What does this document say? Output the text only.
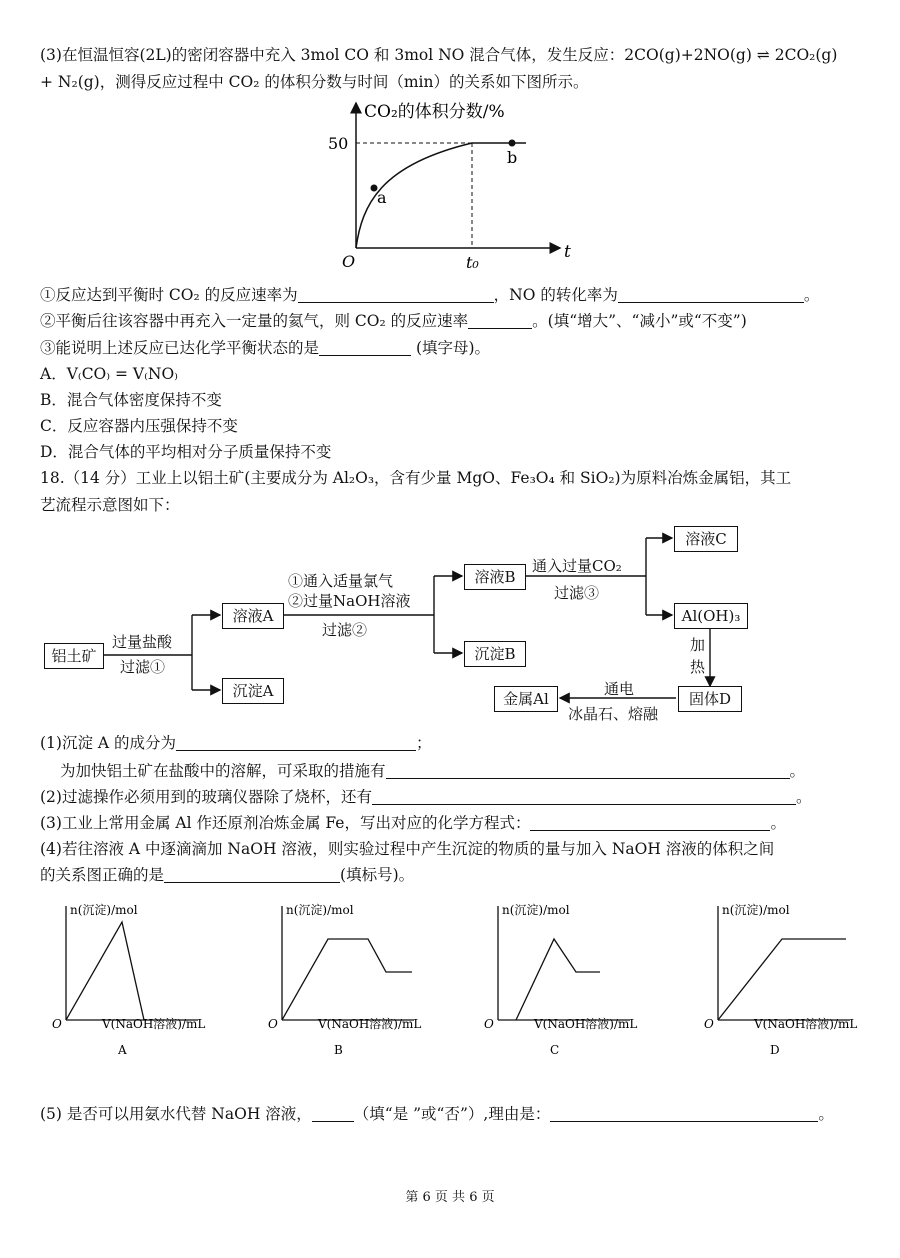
(3)在恒温恒容(2L)的密闭容器中充入 3mol CO 和 3mol NO 混合气体，发生反应：2CO(g)+2NO(g) ⇌ 2CO₂(g)
+ N₂(g)，测得反应过程中 CO₂ 的体积分数与时间（min）的关系如下图所示。
CO₂的体积分数/%
50
O	t₀
t
a
b
①反应达到平衡时 CO₂ 的反应速率为	，NO 的转化率为	。
②平衡后往该容器中再充入一定量的氦气，则 CO₂ 的反应速率	。(填“增大”、“减小”或“不变”)
③能说明上述反应已达化学平衡状态的是	(填字母)。
A．V₍CO₎ = V₍NO₎
B．混合气体密度保持不变
C．反应容器内压强保持不变
D．混合气体的平均相对分子质量保持不变
18.（14 分）工业上以铝土矿(主要成分为 Al₂O₃，含有少量 MgO、Fe₃O₄ 和 SiO₂)为原料冶炼金属铝，其工
艺流程示意图如下：
铝土矿
溶液A
沉淀A
溶液B
沉淀B
溶液C
Al(OH)₃
固体D
金属Al
过量盐酸
过滤①
①通入适量氯气
②过量NaOH溶液
过滤②
通入过量CO₂
过滤③
加
热
通电
冰晶石、熔融
(1)沉淀 A 的成分为	；
为加快铝土矿在盐酸中的溶解，可采取的措施有	。
(2)过滤操作必须用到的玻璃仪器除了烧杯，还有	。
(3)工业上常用金属 Al 作还原剂冶炼金属 Fe，写出对应的化学方程式：	。
(4)若往溶液 A 中逐滴滴加 NaOH 溶液，则实验过程中产生沉淀的物质的量与加入 NaOH 溶液的体积之间
的关系图正确的是	(填标号)。
n(沉淀)/mol
O	V(NaOH溶液)/mL
A
n(沉淀)/mol
O	V(NaOH溶液)/mL
B
n(沉淀)/mol
O	V(NaOH溶液)/mL
C
n(沉淀)/mol
O	V(NaOH溶液)/mL
D
(5) 是否可以用氨水代替 NaOH 溶液，	（填“是 ”或“否”）,理由是：	。
第 6 页 共 6 页
